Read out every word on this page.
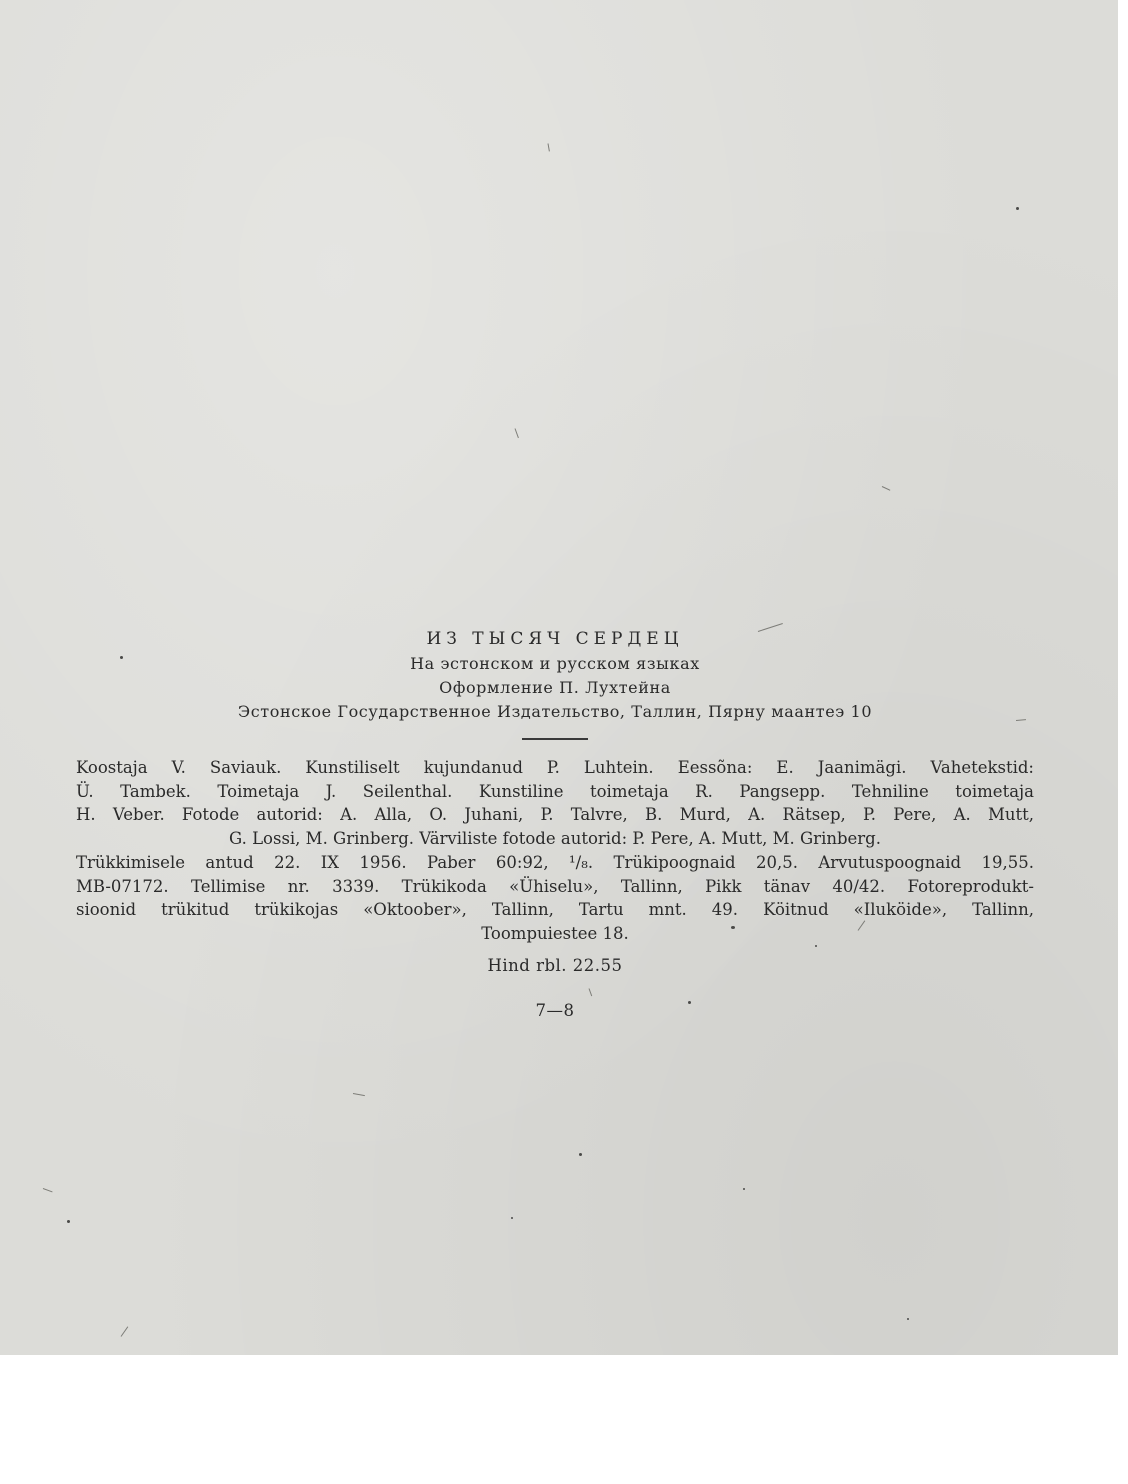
ИЗ ТЫСЯЧ СЕРДЕЦ
На эстонском и русском языках
Оформление П. Лухтейна
Эстонское Государственное Издательство, Таллин, Пярну маантеэ 10

Koostaja V. Saviauk. Kunstiliselt kujundanud P. Luhtein. Eessõna: E. Jaanimägi. Vahetekstid:

Ü. Tambek. Toimetaja J. Seilenthal. Kunstiline toimetaja R. Pangsepp. Tehniline toimetaja

H. Veber. Fotode autorid: A. Alla, O. Juhani, P. Talvre, B. Murd, A. Rätsep, P. Pere, A. Mutt,

G. Lossi, M. Grinberg. Värviliste fotode autorid: P. Pere, A. Mutt, M. Grinberg.

Trükkimisele antud 22. IX 1956. Paber 60:92, ¹/₈. Trükipoognaid 20,5. Arvutuspoognaid 19,55.

MB-07172. Tellimise nr. 3339. Trükikoda «Ühiselu», Tallinn, Pikk tänav 40/42. Fotoreprodukt-

sioonid trükitud trükikojas «Oktoober», Tallinn, Tartu mnt. 49. Köitnud «Iluköide», Tallinn,

Toompuiestee 18.

Hind rbl. 22.55
7—8
